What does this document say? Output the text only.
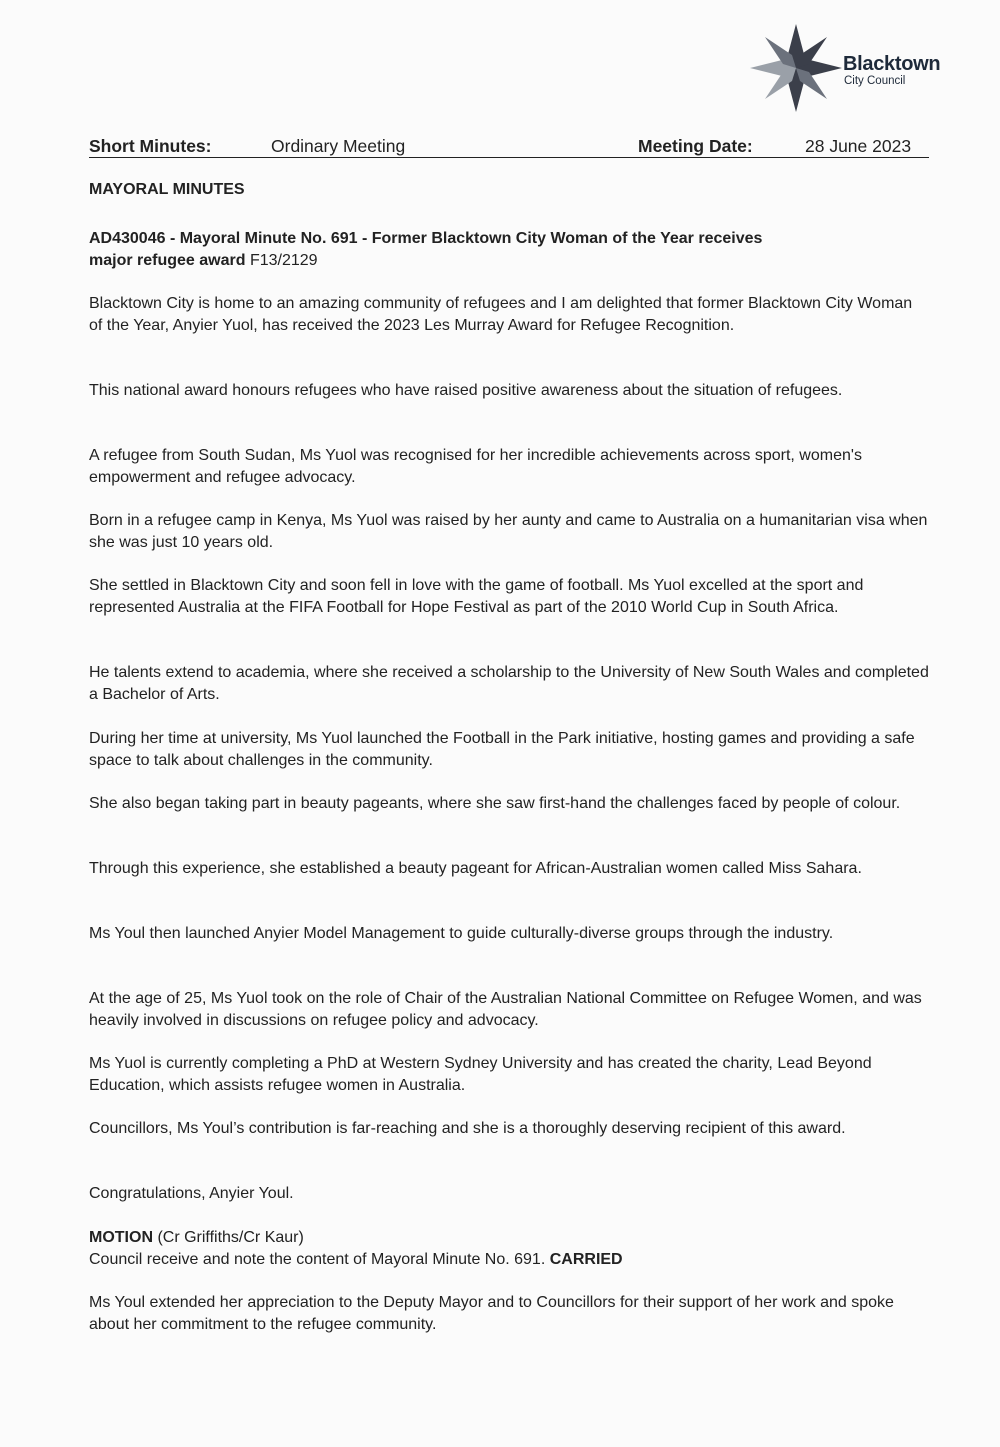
Blacktown
City Council
Short Minutes:	Ordinary Meeting	Meeting Date:	28 June 2023
MAYORAL MINUTES
AD430046 - Mayoral Minute No. 691 - Former Blacktown City Woman of the Year receives
major refugee award F13/2129

Blacktown City is home to an amazing community of refugees and I am delighted that former Blacktown City Woman of the Year, Anyier Yuol, has received the 2023 Les Murray Award for Refugee Recognition.

This national award honours refugees who have raised positive awareness about the situation of refugees.

A refugee from South Sudan, Ms Yuol was recognised for her incredible achievements across sport, women's empowerment and refugee advocacy.

Born in a refugee camp in Kenya, Ms Yuol was raised by her aunty and came to Australia on a humanitarian visa when she was just 10 years old.

She settled in Blacktown City and soon fell in love with the game of football. Ms Yuol excelled at the sport and represented Australia at the FIFA Football for Hope Festival as part of the 2010 World Cup in South Africa.

He talents extend to academia, where she received a scholarship to the University of New South Wales and completed a Bachelor of Arts.

During her time at university, Ms Yuol launched the Football in the Park initiative, hosting games and providing a safe space to talk about challenges in the community.

She also began taking part in beauty pageants, where she saw first-hand the challenges faced by people of colour.

Through this experience, she established a beauty pageant for African-Australian women called Miss Sahara.

Ms Youl then launched Anyier Model Management to guide culturally-diverse groups through the industry.

At the age of 25, Ms Yuol took on the role of Chair of the Australian National Committee on Refugee Women, and was heavily involved in discussions on refugee policy and advocacy.

Ms Yuol is currently completing a PhD at Western Sydney University and has created the charity, Lead Beyond Education, which assists refugee women in Australia.

Councillors, Ms Youl’s contribution is far-reaching and she is a thoroughly deserving recipient of this award.

Congratulations, Anyier Youl.

MOTION (Cr Griffiths/Cr Kaur)
Council receive and note the content of Mayoral Minute No. 691. CARRIED

Ms Youl extended her appreciation to the Deputy Mayor and to Councillors for their support of her work and spoke about her commitment to the refugee community.
